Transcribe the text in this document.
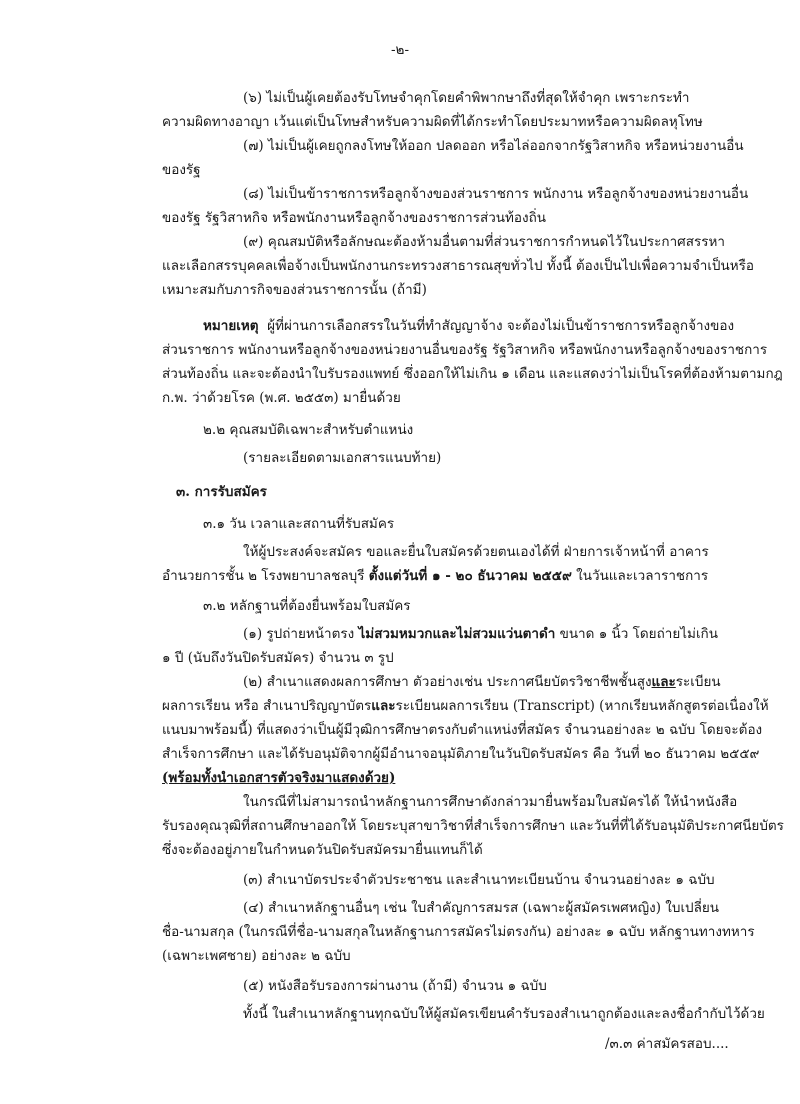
-๒-
(๖) ไม่เป็นผู้เคยต้องรับโทษจำคุกโดยคำพิพากษาถึงที่สุดให้จำคุก เพราะกระทำ
ความผิดทางอาญา เว้นแต่เป็นโทษสำหรับความผิดที่ได้กระทำโดยประมาทหรือความผิดลหุโทษ
(๗) ไม่เป็นผู้เคยถูกลงโทษให้ออก ปลดออก หรือไล่ออกจากรัฐวิสาหกิจ หรือหน่วยงานอื่น
ของรัฐ
(๘) ไม่เป็นข้าราชการหรือลูกจ้างของส่วนราชการ พนักงาน หรือลูกจ้างของหน่วยงานอื่น
ของรัฐ รัฐวิสาหกิจ หรือพนักงานหรือลูกจ้างของราชการส่วนท้องถิ่น
(๙) คุณสมบัติหรือลักษณะต้องห้ามอื่นตามที่ส่วนราชการกำหนดไว้ในประกาศสรรหา
และเลือกสรรบุคคลเพื่อจ้างเป็นพนักงานกระทรวงสาธารณสุขทั่วไป ทั้งนี้ ต้องเป็นไปเพื่อความจำเป็นหรือ
เหมาะสมกับภารกิจของส่วนราชการนั้น (ถ้ามี)
หมายเหตุ ผู้ที่ผ่านการเลือกสรรในวันที่ทำสัญญาจ้าง จะต้องไม่เป็นข้าราชการหรือลูกจ้างของ
ส่วนราชการ พนักงานหรือลูกจ้างของหน่วยงานอื่นของรัฐ รัฐวิสาหกิจ หรือพนักงานหรือลูกจ้างของราชการ
ส่วนท้องถิ่น และจะต้องนำใบรับรองแพทย์ ซึ่งออกให้ไม่เกิน ๑ เดือน และแสดงว่าไม่เป็นโรคที่ต้องห้ามตามกฎ
ก.พ. ว่าด้วยโรค (พ.ศ. ๒๕๕๓) มายื่นด้วย
๒.๒ คุณสมบัติเฉพาะสำหรับตำแหน่ง
(รายละเอียดตามเอกสารแนบท้าย)
๓. การรับสมัคร
๓.๑ วัน เวลาและสถานที่รับสมัคร
ให้ผู้ประสงค์จะสมัคร ขอและยื่นใบสมัครด้วยตนเองได้ที่ ฝ่ายการเจ้าหน้าที่ อาคาร
อำนวยการชั้น ๒ โรงพยาบาลชลบุรี ตั้งแต่วันที่ ๑ - ๒๐ ธันวาคม ๒๕๕๙ ในวันและเวลาราชการ
๓.๒ หลักฐานที่ต้องยื่นพร้อมใบสมัคร
(๑) รูปถ่ายหน้าตรง ไม่สวมหมวกและไม่สวมแว่นตาดำ ขนาด ๑ นิ้ว โดยถ่ายไม่เกิน
๑ ปี (นับถึงวันปิดรับสมัคร) จำนวน ๓ รูป
(๒) สำเนาแสดงผลการศึกษา ตัวอย่างเช่น ประกาศนียบัตรวิชาชีพชั้นสูงและระเบียน
ผลการเรียน หรือ สำเนาปริญญาบัตรและระเบียนผลการเรียน (Transcript) (หากเรียนหลักสูตรต่อเนื่องให้
แนบมาพร้อมนี้) ที่แสดงว่าเป็นผู้มีวุฒิการศึกษาตรงกับตำแหน่งที่สมัคร จำนวนอย่างละ ๒ ฉบับ โดยจะต้อง
สำเร็จการศึกษา และได้รับอนุมัติจากผู้มีอำนาจอนุมัติภายในวันปิดรับสมัคร คือ วันที่ ๒๐ ธันวาคม ๒๕๕๙
(พร้อมทั้งนำเอกสารตัวจริงมาแสดงด้วย)
ในกรณีที่ไม่สามารถนำหลักฐานการศึกษาดังกล่าวมายื่นพร้อมใบสมัครได้ ให้นำหนังสือ
รับรองคุณวุฒิที่สถานศึกษาออกให้ โดยระบุสาขาวิชาที่สำเร็จการศึกษา และวันที่ที่ได้รับอนุมัติประกาศนียบัตร
ซึ่งจะต้องอยู่ภายในกำหนดวันปิดรับสมัครมายื่นแทนก็ได้
(๓) สำเนาบัตรประจำตัวประชาชน และสำเนาทะเบียนบ้าน จำนวนอย่างละ ๑ ฉบับ
(๔) สำเนาหลักฐานอื่นๆ เช่น ใบสำคัญการสมรส (เฉพาะผู้สมัครเพศหญิง) ใบเปลี่ยน
ชื่อ-นามสกุล (ในกรณีที่ชื่อ-นามสกุลในหลักฐานการสมัครไม่ตรงกัน) อย่างละ ๑ ฉบับ หลักฐานทางทหาร
(เฉพาะเพศชาย) อย่างละ ๒ ฉบับ
(๕) หนังสือรับรองการผ่านงาน (ถ้ามี) จำนวน ๑ ฉบับ
ทั้งนี้ ในสำเนาหลักฐานทุกฉบับให้ผู้สมัครเขียนคำรับรองสำเนาถูกต้องและลงชื่อกำกับไว้ด้วย
/๓.๓ ค่าสมัครสอบ....
